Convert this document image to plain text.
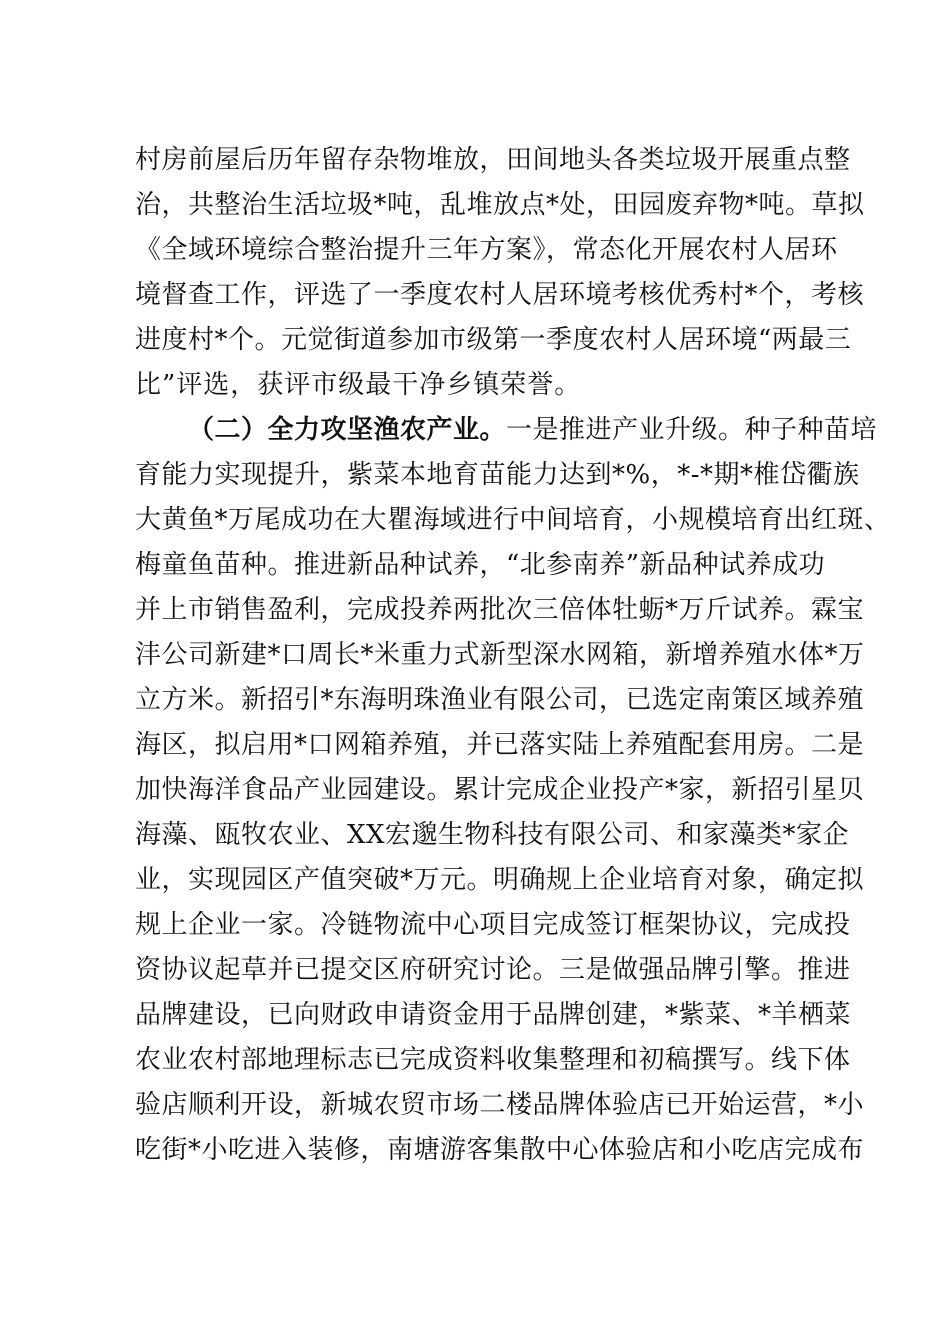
村房前屋后历年留存杂物堆放，田间地头各类垃圾开展重点整
治，共整治生活垃圾*吨，乱堆放点*处，田园废弃物*吨。草拟
《全域环境综合整治提升三年方案》，常态化开展农村人居环
境督查工作，评选了一季度农村人居环境考核优秀村*个，考核
进度村*个。元觉街道参加市级第一季度农村人居环境“两最三
比”评选，获评市级最干净乡镇荣誉。
（二）全力攻坚渔农产业。一是推进产业升级。种子种苗培
育能力实现提升，紫菜本地育苗能力达到*%，*-*期*椎岱衢族
大黄鱼*万尾成功在大瞿海域进行中间培育，小规模培育出红斑、
梅童鱼苗种。推进新品种试养，“北参南养”新品种试养成功
并上市销售盈利，完成投养两批次三倍体牡蛎*万斤试养。霖宝
沣公司新建*口周长*米重力式新型深水网箱，新增养殖水体*万
立方米。新招引*东海明珠渔业有限公司，已选定南策区域养殖
海区，拟启用*口网箱养殖，并已落实陆上养殖配套用房。二是
加快海洋食品产业园建设。累计完成企业投产*家，新招引星贝
海藻、瓯牧农业、XX宏邈生物科技有限公司、和家藻类*家企
业，实现园区产值突破*万元。明确规上企业培育对象，确定拟
规上企业一家。冷链物流中心项目完成签订框架协议，完成投
资协议起草并已提交区府研究讨论。三是做强品牌引擎。推进
品牌建设，已向财政申请资金用于品牌创建，*紫菜、*羊栖菜
农业农村部地理标志已完成资料收集整理和初稿撰写。线下体
验店顺利开设，新城农贸市场二楼品牌体验店已开始运营，*小
吃街*小吃进入装修，南塘游客集散中心体验店和小吃店完成布
